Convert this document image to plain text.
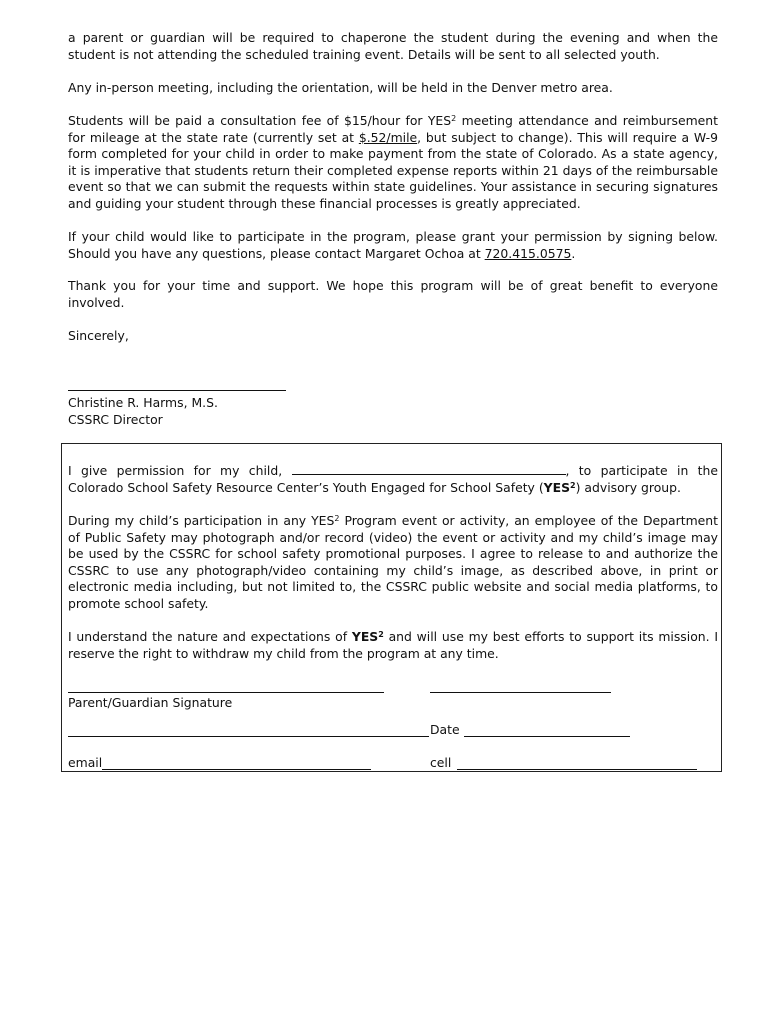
a parent or guardian will be required to chaperone the student during the evening and when the student is not attending the scheduled training event. Details will be sent to all selected youth.

Any in-person meeting, including the orientation, will be held in the Denver metro area.

Students will be paid a consultation fee of $15/hour for YES$^2$ meeting attendance and reimbursement for mileage at the state rate (currently set at $.52/mile, but subject to change). This will require a W-9 form completed for your child in order to make payment from the state of Colorado. As a state agency, it is imperative that students return their completed expense reports within 21 days of the reimbursable event so that we can submit the requests within state guidelines. Your assistance in securing signatures and guiding your student through these financial processes is greatly appreciated.

If your child would like to participate in the program, please grant your permission by signing below. Should you have any questions, please contact Margaret Ochoa at 720.415.0575.

Thank you for your time and support. We hope this program will be of great benefit to everyone involved.

Sincerely,

Christine R. Harms, M.S.
CSSRC Director

I give permission for my child,	, to participate in the Colorado School Safety Resource Center’s Youth Engaged for School Safety (YES$^2$) advisory group.

During my child’s participation in any YES$^2$ Program event or activity, an employee of the Department of Public Safety may photograph and/or record (video) the event or activity and my child’s image may be used by the CSSRC for school safety promotional purposes. I agree to release to and authorize the CSSRC to use any photograph/video containing my child’s image, as described above, in print or electronic media including, but not limited to, the CSSRC public website and social media platforms, to promote school safety.

I understand the nature and expectations of YES$^2$ and will use my best efforts to support its mission. I reserve the right to withdraw my child from the program at any time.

Parent/Guardian Signature
Date
email	cell
